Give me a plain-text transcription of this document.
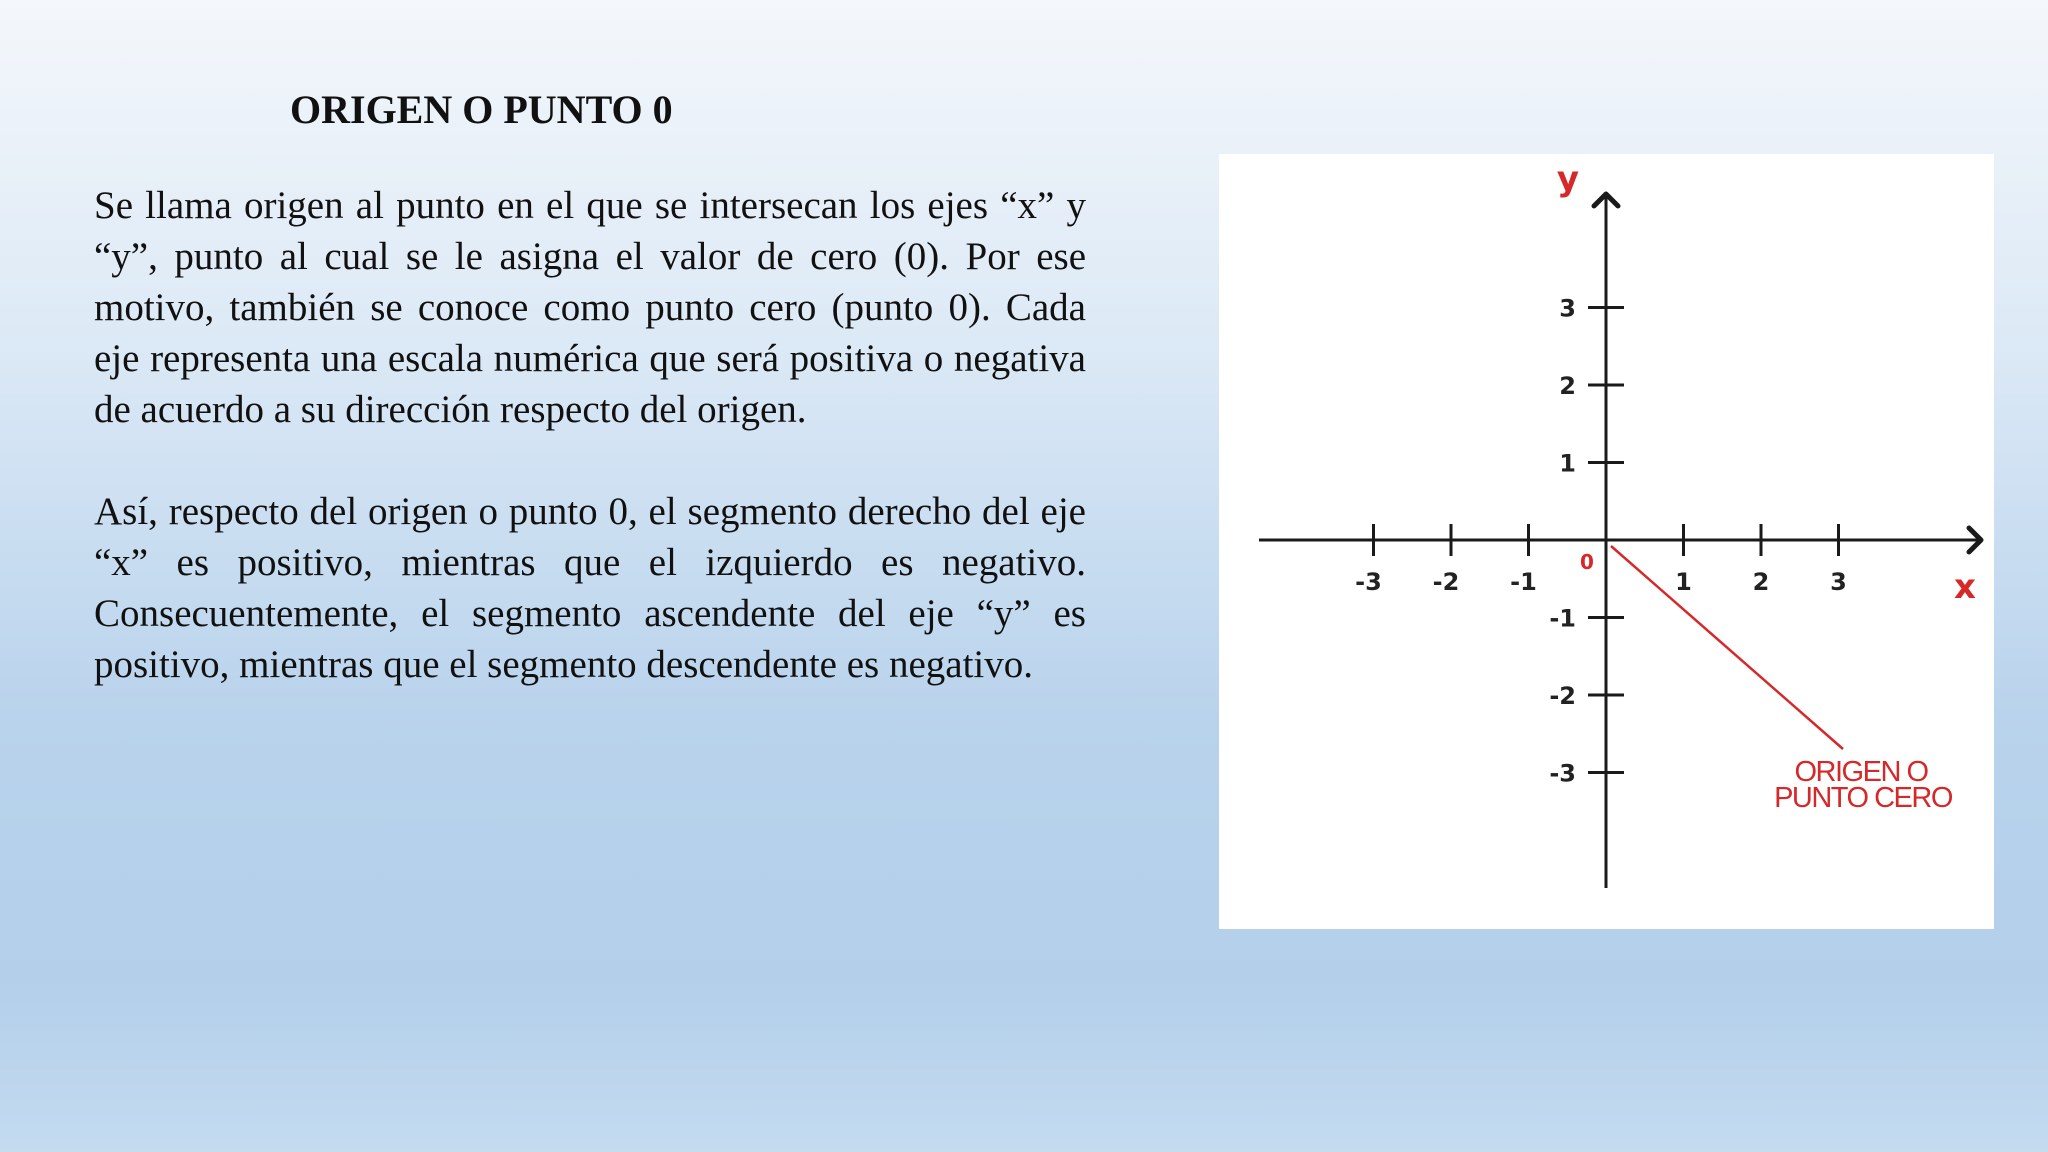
ORIGEN O PUNTO 0

Se llama origen al punto en el que se intersecan los ejes “x” y “y”, punto al cual se le asigna el valor de cero (0). Por ese motivo, también se conoce como punto cero (punto 0). Cada eje representa una escala numérica que será positiva o negativa de acuerdo a su dirección respecto del origen.

Así, respecto del origen o punto 0, el segmento derecho del eje “x” es positivo, mientras que el izquierdo es negativo. Consecuentemente, el segmento ascendente del eje “y” es positivo, mientras que el segmento descendente es negativo.

-3 -2 -1	1	2	3
-3
-2
-1
1
2
3
x
y
0
ORIGEN O
PUNTO CERO
